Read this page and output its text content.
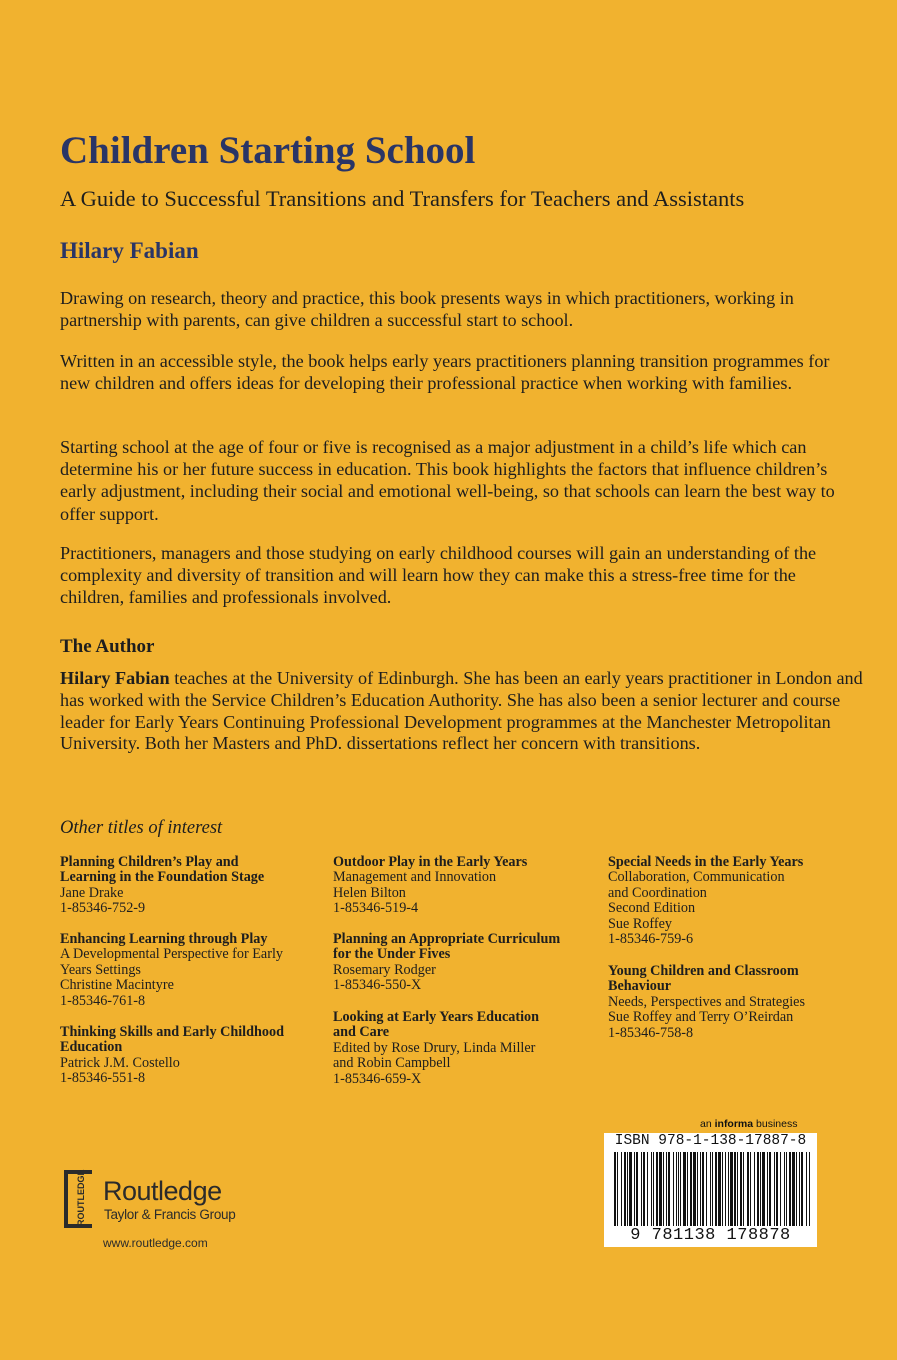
Children Starting School
A Guide to Successful Transitions and Transfers for Teachers and Assistants
Hilary Fabian

Drawing on research, theory and practice, this book presents ways in which practitioners, working in partnership with parents, can give children a successful start to school.

Written in an accessible style, the book helps early years practitioners planning transition programmes for new children and offers ideas for developing their professional practice when working with families.

Starting school at the age of four or five is recognised as a major adjustment in a child’s life which can determine his or her future success in education. This book highlights the factors that influence children’s early adjustment, including their social and emotional well-being, so that schools can learn the best way to offer support.

Practitioners, managers and those studying on early childhood courses will gain an understanding of the complexity and diversity of transition and will learn how they can make this a stress-free time for the children, families and professionals involved.

The Author

Hilary Fabian teaches at the University of Edinburgh. She has been an early years practitioner in London and has worked with the Service Children’s Education Authority. She has also been a senior lecturer and course leader for Early Years Continuing Professional Development programmes at the Manchester Metropolitan University. Both her Masters and PhD. dissertations reflect her concern with transitions.

Other titles of interest
Planning Children’s Play and
Learning in the Foundation Stage
Jane Drake
1-85346-752-9
Enhancing Learning through Play
A Developmental Perspective for Early
Years Settings
Christine Macintyre
1-85346-761-8
Thinking Skills and Early Childhood
Education
Patrick J.M. Costello
1-85346-551-8
Outdoor Play in the Early Years
Management and Innovation
Helen Bilton
1-85346-519-4
Planning an Appropriate Curriculum
for the Under Fives
Rosemary Rodger
1-85346-550-X
Looking at Early Years Education
and Care
Edited by Rose Drury, Linda Miller
and Robin Campbell
1-85346-659-X
Special Needs in the Early Years
Collaboration, Communication
and Coordination
Second Edition
Sue Roffey
1-85346-759-6
Young Children and Classroom
Behaviour
Needs, Perspectives and Strategies
Sue Roffey and Terry O’Reirdan
1-85346-758-8
an informa business
ISBN 978-1-138-17887-8
9 781138 178878
ROUTLEDGE Routledge
Taylor & Francis Group
www.routledge.com
